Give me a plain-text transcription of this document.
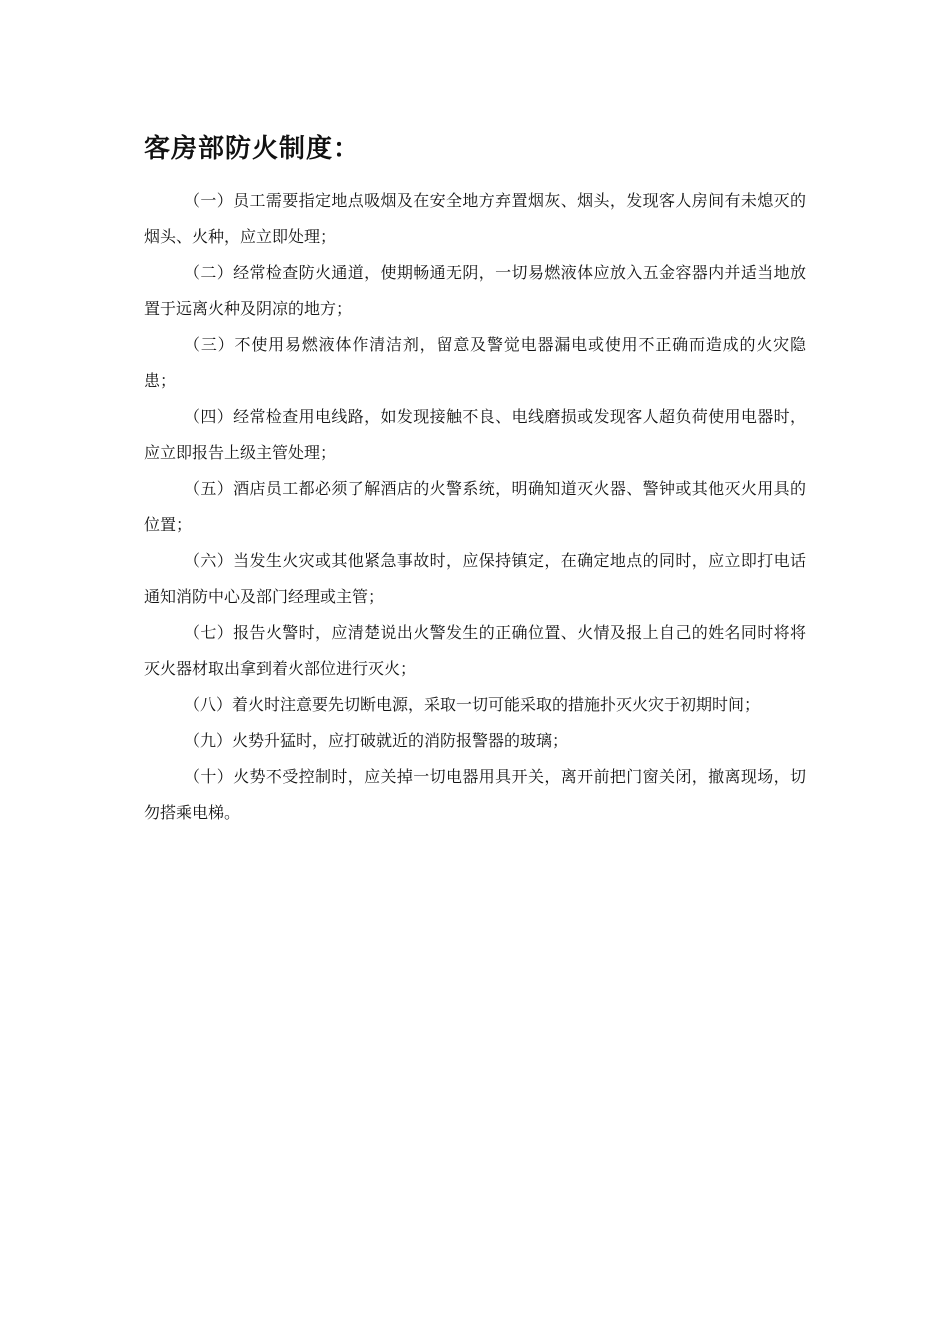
客房部防火制度：

（一）员工需要指定地点吸烟及在安全地方弃置烟灰、烟头，发现客人房间有未熄灭的烟头、火种，应立即处理；

（二）经常检查防火通道，使期畅通无阴，一切易燃液体应放入五金容器内并适当地放置于远离火种及阴凉的地方；

（三）不使用易燃液体作清洁剂，留意及警觉电器漏电或使用不正确而造成的火灾隐患；

（四）经常检查用电线路，如发现接触不良、电线磨损或发现客人超负荷使用电器时，应立即报告上级主管处理；

（五）酒店员工都必须了解酒店的火警系统，明确知道灭火器、警钟或其他灭火用具的位置；

（六）当发生火灾或其他紧急事故时，应保持镇定，在确定地点的同时，应立即打电话通知消防中心及部门经理或主管；

（七）报告火警时，应清楚说出火警发生的正确位置、火情及报上自己的姓名同时将将灭火器材取出拿到着火部位进行灭火；

（八）着火时注意要先切断电源，采取一切可能采取的措施扑灭火灾于初期时间；

（九）火势升猛时，应打破就近的消防报警器的玻璃；

（十）火势不受控制时，应关掉一切电器用具开关，离开前把门窗关闭，撤离现场，切勿搭乘电梯。
